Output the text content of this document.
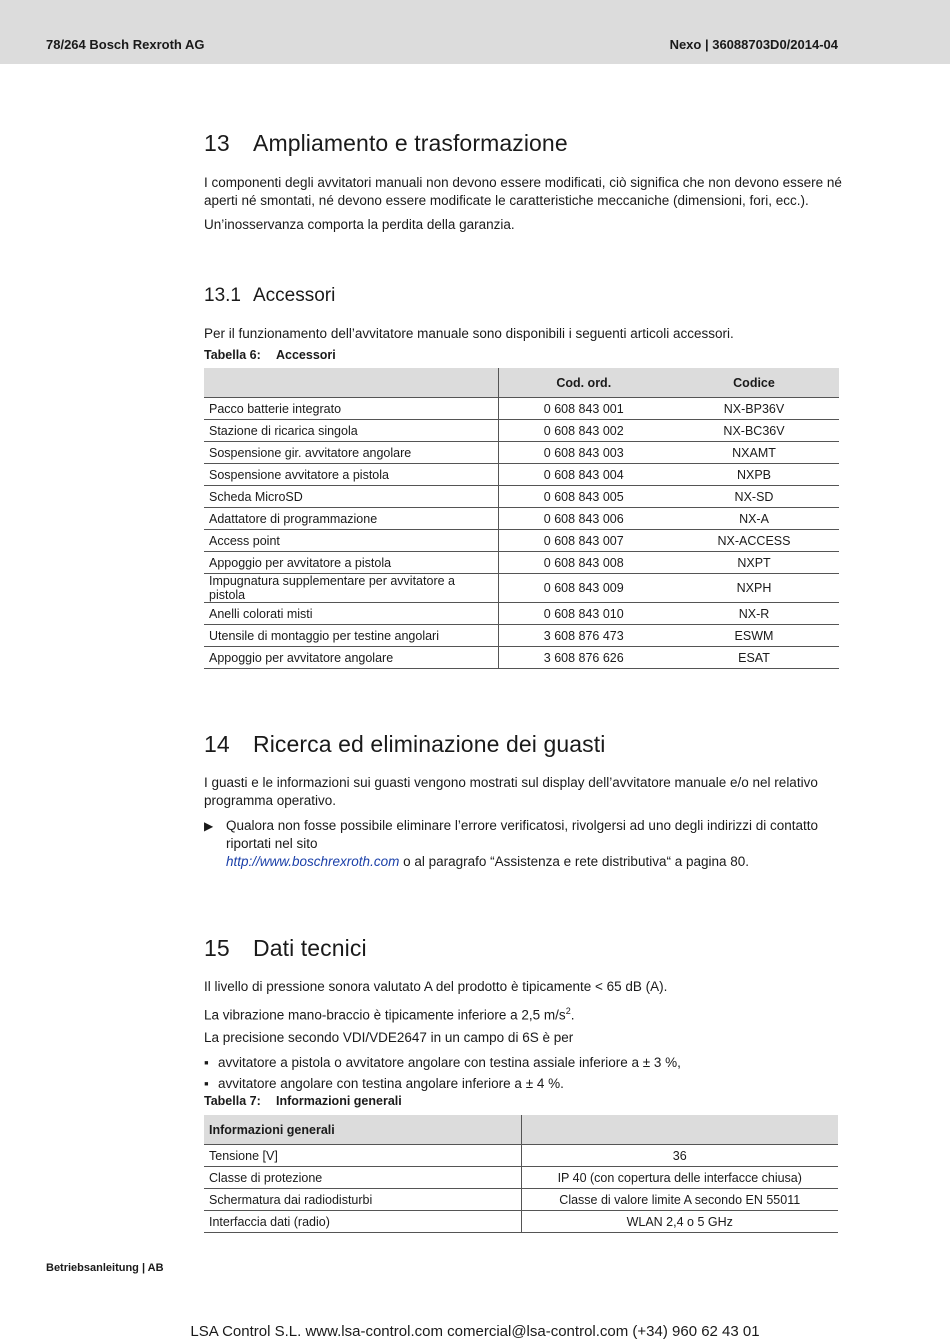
78/264 Bosch Rexroth AG	Nexo | 36088703D0/2014-04
13 Ampliamento e trasformazione
I componenti degli avvitatori manuali non devono essere modificati, ciò significa che non devono essere né aperti né smontati, né devono essere modificate le caratteristiche meccaniche (dimensioni, fori, ecc.).
Un’inosservanza comporta la perdita della garanzia.
13.1 Accessori
Per il funzionamento dell’avvitatore manuale sono disponibili i seguenti articoli accessori.
Tabella 6: Accessori
	Cod. ord.	Codice
Pacco batterie integrato	0 608 843 001	NX-BP36V
Stazione di ricarica singola	0 608 843 002	NX-BC36V
Sospensione gir. avvitatore angolare	0 608 843 003	NXAMT
Sospensione avvitatore a pistola	0 608 843 004	NXPB
Scheda MicroSD	0 608 843 005	NX-SD
Adattatore di programmazione	0 608 843 006	NX-A
Access point	0 608 843 007	NX-ACCESS
Appoggio per avvitatore a pistola	0 608 843 008	NXPT
Impugnatura supplementare per avvitatore a pistola	0 608 843 009	NXPH
Anelli colorati misti	0 608 843 010	NX-R
Utensile di montaggio per testine angolari	3 608 876 473	ESWM
Appoggio per avvitatore angolare	3 608 876 626	ESAT
14 Ricerca ed eliminazione dei guasti
I guasti e le informazioni sui guasti vengono mostrati sul display dell’avvitatore manuale e/o nel relativo programma operativo.
▶ Qualora non fosse possibile eliminare l’errore verificatosi, rivolgersi ad uno degli indirizzi di contatto
riportati nel sito
http://www.boschrexroth.com o al paragrafo “Assistenza e rete distributiva“ a pagina 80.
15 Dati tecnici
Il livello di pressione sonora valutato A del prodotto è tipicamente < 65 dB (A).
La vibrazione mano-braccio è tipicamente inferiore a 2,5 $m/s^2$.
La precisione secondo VDI/VDE2647 in un campo di 6S è per
▪ avvitatore a pistola o avvitatore angolare con testina assiale inferiore a ± 3 %,
▪ avvitatore angolare con testina angolare inferiore a ± 4 %.
Tabella 7: Informazioni generali
Informazioni generali	
Tensione [V]	36
Classe di protezione	IP 40 (con copertura delle interfacce chiusa)
Schermatura dai radiodisturbi	Classe di valore limite A secondo EN 55011
Interfaccia dati (radio)	WLAN 2,4 o 5 GHz
Betriebsanleitung | AB
LSA Control S.L. www.lsa-control.com comercial@lsa-control.com (+34) 960 62 43 01
